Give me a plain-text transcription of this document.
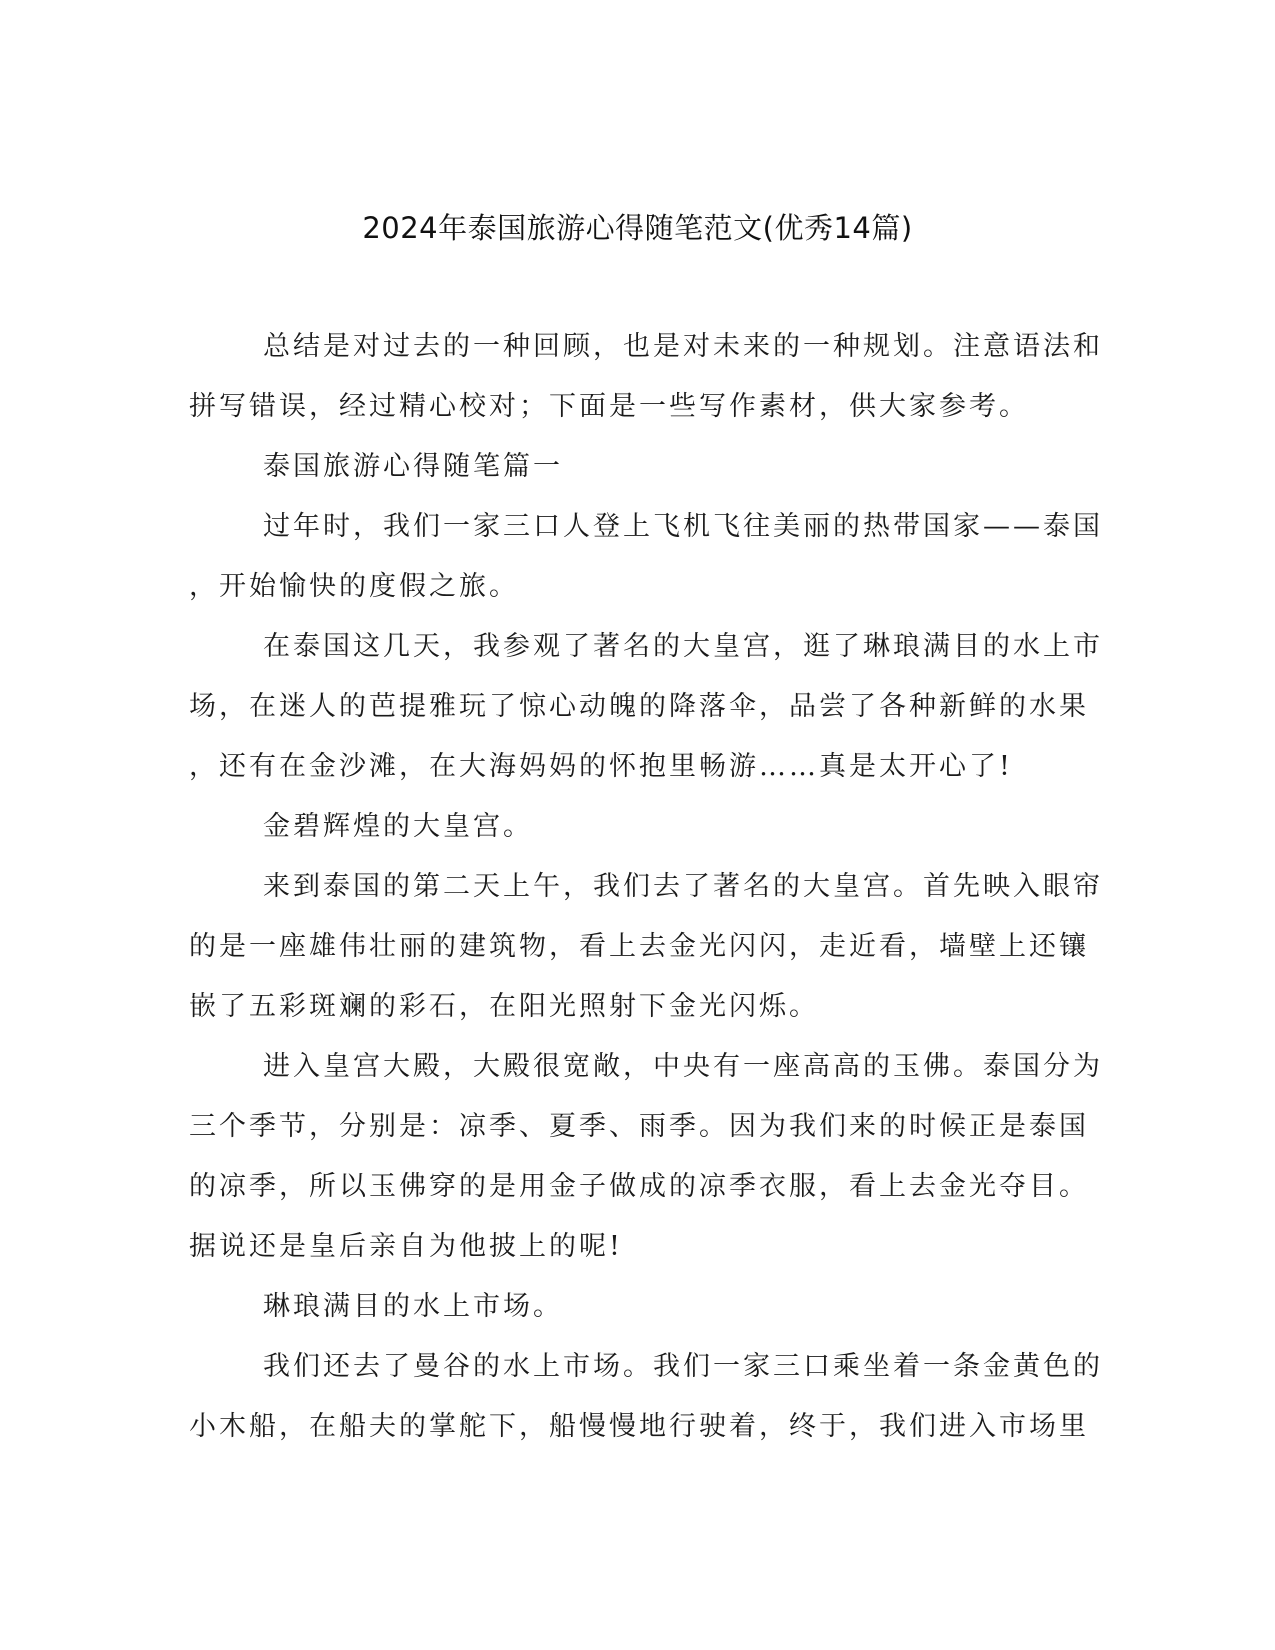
2024年泰国旅游心得随笔范文(优秀14篇)
总结是对过去的一种回顾，也是对未来的一种规划。注意语法和
拼写错误，经过精心校对；下面是一些写作素材，供大家参考。
泰国旅游心得随笔篇一
过年时，我们一家三口人登上飞机飞往美丽的热带国家——泰国
，开始愉快的度假之旅。
在泰国这几天，我参观了著名的大皇宫，逛了琳琅满目的水上市
场，在迷人的芭提雅玩了惊心动魄的降落伞，品尝了各种新鲜的水果
，还有在金沙滩，在大海妈妈的怀抱里畅游……真是太开心了!
金碧辉煌的大皇宫。
来到泰国的第二天上午，我们去了著名的大皇宫。首先映入眼帘
的是一座雄伟壮丽的建筑物，看上去金光闪闪，走近看，墙壁上还镶
嵌了五彩斑斓的彩石，在阳光照射下金光闪烁。
进入皇宫大殿，大殿很宽敞，中央有一座高高的玉佛。泰国分为
三个季节，分别是：凉季、夏季、雨季。因为我们来的时候正是泰国
的凉季，所以玉佛穿的是用金子做成的凉季衣服，看上去金光夺目。
据说还是皇后亲自为他披上的呢!
琳琅满目的水上市场。
我们还去了曼谷的水上市场。我们一家三口乘坐着一条金黄色的
小木船，在船夫的掌舵下，船慢慢地行驶着，终于，我们进入市场里
